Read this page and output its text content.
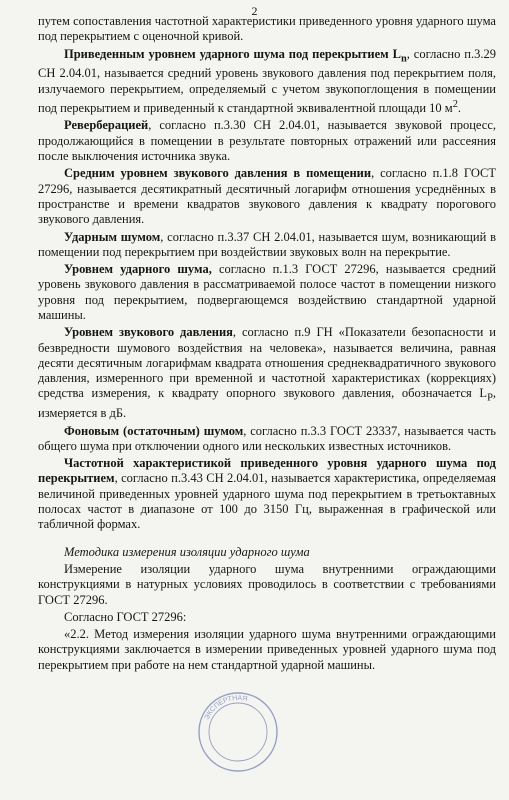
2

путем сопоставления частотной характеристики приведенного уровня ударного шума под перекрытием с оценочной кривой.

Приведенным уровнем ударного шума под перекрытием $L_n$, согласно п.3.29 СН 2.04.01, называется средний уровень звукового давления под перекрытием поля, излучаемого перекрытием, определяемый с учетом звукопоглощения в помещении под перекрытием и приведенный к стандартной эквивалентной площади 10 $м^2$.

Реверберацией, согласно п.3.30 СН 2.04.01, называется звуковой процесс, продолжающийся в помещении в результате повторных отражений или рассеяния после выключения источника звука.

Средним уровнем звукового давления в помещении, согласно п.1.8 ГОСТ 27296, называется десятикратный десятичный логарифм отношения усреднённых в пространстве и времени квадратов звукового давления к квадрату порогового звукового давления.

Ударным шумом, согласно п.3.37 СН 2.04.01, называется шум, возникающий в помещении под перекрытием при воздействии звуковых волн на перекрытие.

Уровнем ударного шума, согласно п.1.3 ГОСТ 27296, называется средний уровень звукового давления в рассматриваемой полосе частот в помещении низкого уровня под перекрытием, подвергающемся воздействию стандартной ударной машины.

Уровнем звукового давления, согласно п.9 ГН «Показатели безопасности и безвредности шумового воздействия на человека», называется величина, равная десяти десятичным логарифмам квадрата отношения среднеквадратичного звукового давления, измеренного при временной и частотной характеристиках (коррекциях) средства измерения, к квадрату опорного звукового давления, обозначается $L_P$, измеряется в дБ.

Фоновым (остаточным) шумом, согласно п.3.3 ГОСТ 23337, называется часть общего шума при отключении одного или нескольких известных источников.

Частотной характеристикой приведенного уровня ударного шума под перекрытием, согласно п.3.43 СН 2.04.01, называется характеристика, определяемая величиной приведенных уровней ударного шума под перекрытием в третьоктавных полосах частот в диапазоне от 100 до 3150 Гц, выраженная в графической или табличной формах.

Методика измерения изоляции ударного шума

Измерение изоляции ударного шума внутренними ограждающими конструкциями в натурных условиях проводилось в соответствии с требованиями ГОСТ 27296.

Согласно ГОСТ 27296:

«2.2. Метод измерения изоляции ударного шума внутренними ограждающими конструкциями заключается в измерении приведенных уровней ударного шума под перекрытием при работе на нем стандартной ударной машины.

ЭКСПЕРТНАЯ
